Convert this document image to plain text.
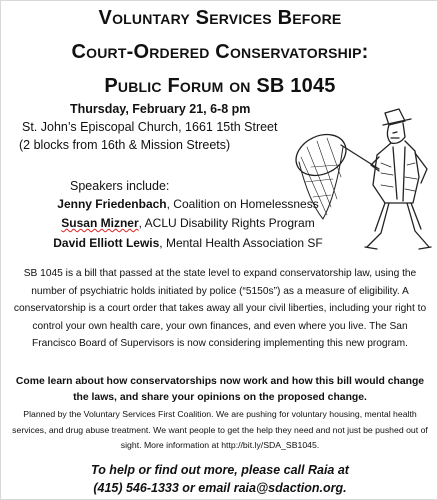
Voluntary Services Before
Court-Ordered Conservatorship:
Public Forum on SB 1045
Thursday, February 21, 6-8 pm
St. John’s Episcopal Church, 1661 15th Street
(2 blocks from 16th & Mission Streets)
Speakers include:
Jenny Friedenbach, Coalition on Homelessness
Susan Mizner, ACLU Disability Rights Program
David Elliott Lewis, Mental Health Association SF
SB 1045 is a bill that passed at the state level to expand conservatorship law, using the number of psychiatric holds initiated by police (“5150s”) as a measure of eligibility. A conservatorship is a court order that takes away all your civil liberties, including your right to control your own health care, your own finances, and even where you live. The San Francisco Board of Supervisors is now considering implementing this new program.
Come learn about how conservatorships now work and how this bill would change the laws, and share your opinions on the proposed change.
Planned by the Voluntary Services First Coalition. We are pushing for voluntary housing, mental health services, and drug abuse treatment. We want people to get the help they need and not just be pushed out of sight. More information at http://bit.ly/SDA_SB1045.
To help or find out more, please call Raia at
(415) 546-1333 or email raia@sdaction.org.
